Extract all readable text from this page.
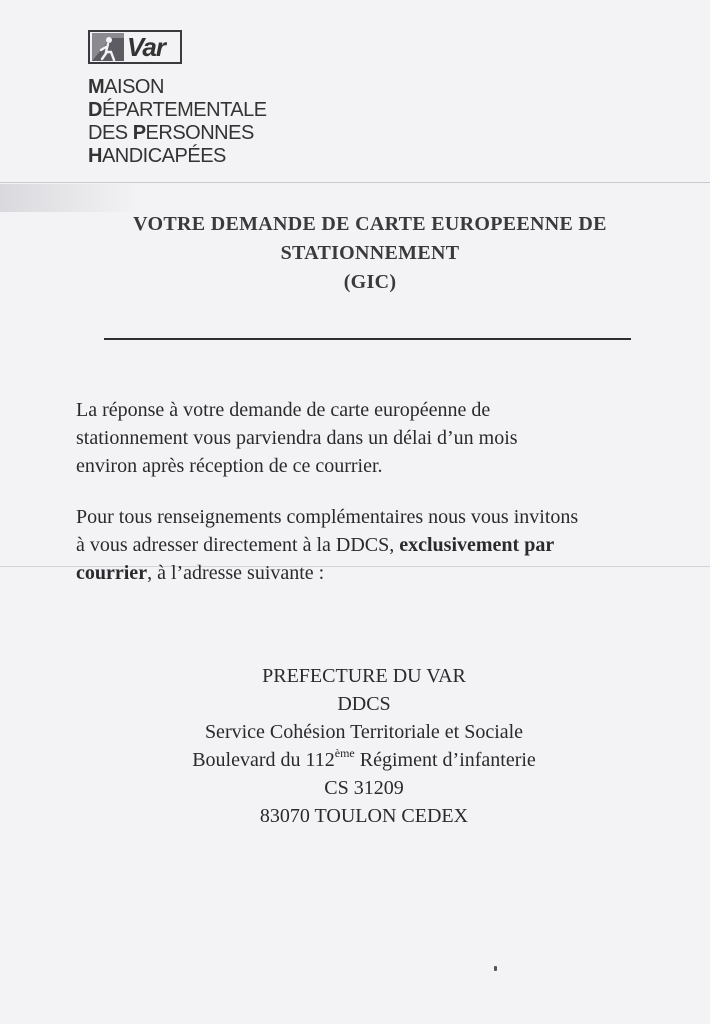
Var
MAISON
DÉPARTEMENTALE
DES PERSONNES
HANDICAPÉES
VOTRE DEMANDE DE CARTE EUROPEENNE DE
STATIONNEMENT
(GIC)
La réponse à votre demande de carte européenne de
stationnement vous parviendra dans un délai d’un mois
environ après réception de ce courrier.
Pour tous renseignements complémentaires nous vous invitons
à vous adresser directement à la DDCS, exclusivement par
courrier, à l’adresse suivante :
PREFECTURE DU VAR
DDCS
Service Cohésion Territoriale et Sociale
Boulevard du 112ème Régiment d’infanterie
CS 31209
83070 TOULON CEDEX
